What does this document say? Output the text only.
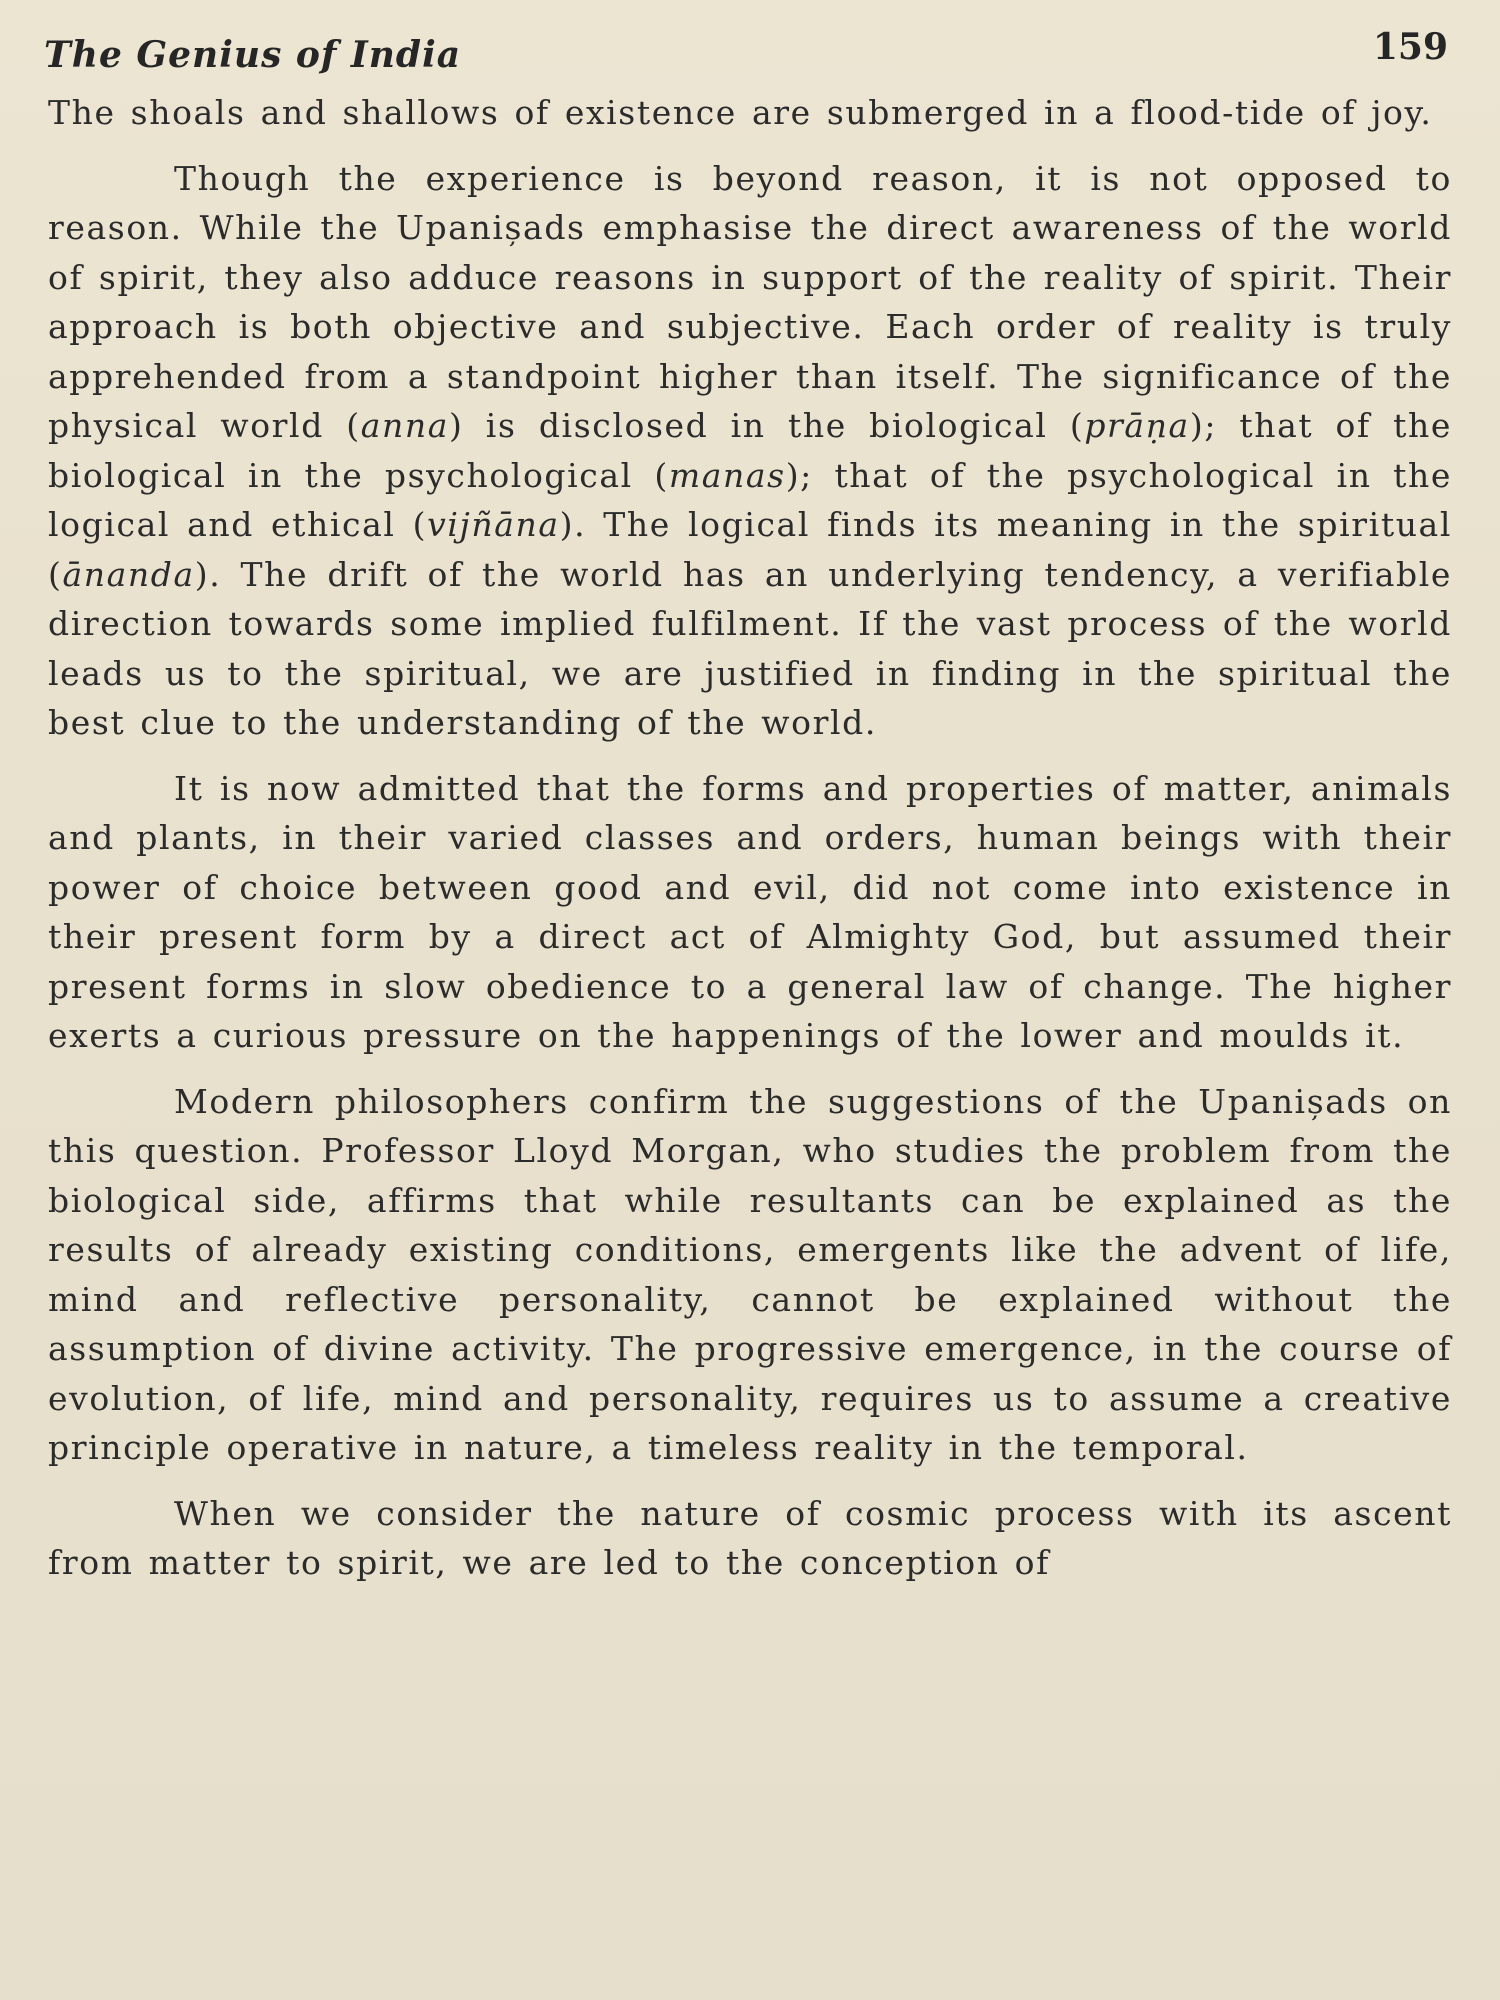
The Genius of India	159

The shoals and shallows of existence are submerged in a flood-tide of joy.

Though the experience is beyond reason, it is not opposed to reason. While the Upanișads emphasise the direct awareness of the world of spirit, they also adduce reasons in support of the reality of spirit. Their approach is both objective and subjective. Each order of reality is truly apprehended from a standpoint higher than itself. The significance of the physical world (anna) is disclosed in the biological (prāṇa); that of the biological in the psychological (manas); that of the psychological in the logical and ethical (vijñāna). The logical finds its meaning in the spiritual (ānanda). The drift of the world has an underlying tendency, a verifiable direction towards some implied fulfilment. If the vast process of the world leads us to the spiritual, we are justified in finding in the spiritual the best clue to the understanding of the world.

It is now admitted that the forms and properties of matter, animals and plants, in their varied classes and orders, human beings with their power of choice between good and evil, did not come into existence in their present form by a direct act of Almighty God, but assumed their present forms in slow obedience to a general law of change. The higher exerts a curious pressure on the happenings of the lower and moulds it.

Modern philosophers confirm the suggestions of the Upanișads on this question. Professor Lloyd Morgan, who studies the problem from the biological side, affirms that while resultants can be explained as the results of already existing conditions, emergents like the advent of life, mind and reflective personality, cannot be explained without the assumption of divine activity. The progressive emergence, in the course of evolution, of life, mind and personality, requires us to assume a creative principle operative in nature, a timeless reality in the temporal.

When we consider the nature of cosmic process with its ascent from matter to spirit, we are led to the conception of
